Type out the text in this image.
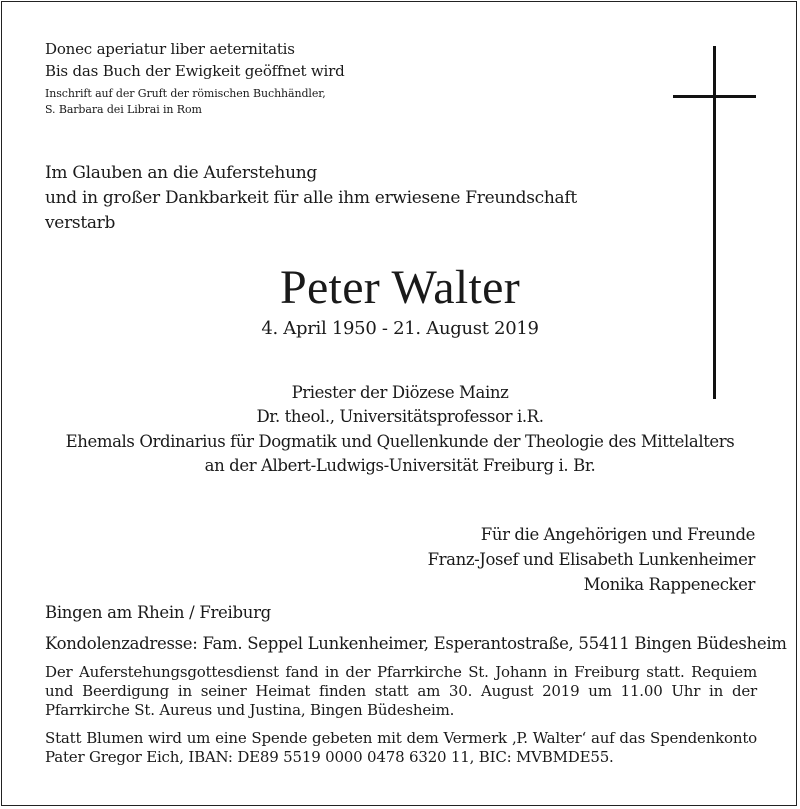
Donec aperiatur liber aeternitatis
Bis das Buch der Ewigkeit geöffnet wird
Inschrift auf der Gruft der römischen Buchhändler,
S. Barbara dei Librai in Rom
Im Glauben an die Auferstehung
und in großer Dankbarkeit für alle ihm erwiesene Freundschaft
verstarb
Peter Walter
4. April 1950 - 21. August 2019
Priester der Diözese Mainz
Dr. theol., Universitätsprofessor i.R.
Ehemals Ordinarius für Dogmatik und Quellenkunde der Theologie des Mittelalters
an der Albert-Ludwigs-Universität Freiburg i. Br.
Für die Angehörigen und Freunde
Franz-Josef und Elisabeth Lunkenheimer
Monika Rappenecker
Bingen am Rhein / Freiburg
Kondolenzadresse: Fam. Seppel Lunkenheimer, Esperantostraße, 55411 Bingen Büdesheim
Der Auferstehungsgottesdienst fand in der Pfarrkirche St. Johann in Freiburg statt. Requiem und Beerdigung in seiner Heimat finden statt am 30. August 2019 um 11.00 Uhr in der Pfarrkirche St. Aureus und Justina, Bingen Büdesheim.
Statt Blumen wird um eine Spende gebeten mit dem Vermerk ‚P. Walter‘ auf das Spendenkonto Pater Gregor Eich, IBAN: DE89 5519 0000 0478 6320 11, BIC: MVBMDE55.
